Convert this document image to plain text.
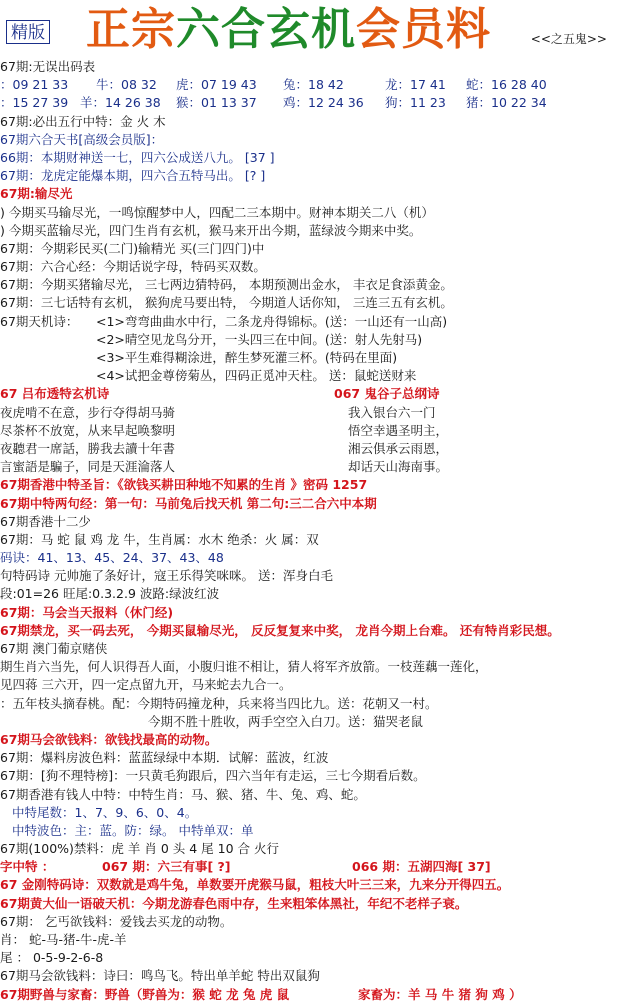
精版 正宗六合玄机会员料	<<之五鬼>>
67期:无误出码表
：09 21 33 牛：08 32 虎：07 19 43 兔：18 42	龙：17 41 蛇：16 28 40
：15 27 39 羊：14 26 38 猴：01 13 37 鸡：12 24 36 狗：11 23 猪：10 22 34
67期:必出五行中特：金 火 木
67期六合天书[高级会员版]：
66期：本期财神送一七，四六公成送八九。 [37 ]
67期：龙虎定能爆本期，四六合五特马出。 [? ]
67期:输尽光
) 今期买马输尽光，一鸣惊醒梦中人，四配二三本期中。财神本期关二八（机）
) 今期买蓝输尽光，四门生肖有玄机，猴马来开出今期，蓝绿波今期来中奖。
67期：今期彩民买(二门)输精光 买(三门四门)中
67期：六合心经：今期话说字母，特码买双数。
67期：今期买猪输尽光， 三七两边猜特码， 本期预测出金水， 丰衣足食添黄金。
67期：三七话特有玄机， 猴狗虎马要出特， 今期道人话你知， 三连三五有玄机。
67期天机诗： <1>弯弯曲曲水中行，二条龙舟得锦标。(送：一山还有一山高)
<2>晴空见龙鸟分开，一头四三在中间。(送：射人先射马)
<3>平生难得糊涂进，醉生梦死灌三杯。(特码在里面)
<4>试把金尊傍菊丛，四码正觅冲天柱。 送：鼠蛇送财来
67 吕布透特玄机诗	067 鬼谷子总纲诗
夜虎啃不在意，步行夺得胡马骑	我入银台六一门
尽茶杯不放宽，从来早起唤黎明	悟空幸遇圣明主，
夜聽君一席話，勝我去讀十年書	湘云俱承云雨恩，
言蜜語是騙子，同是天涯淪落人	却话天山海南事。
67期香港中特圣旨：《欲钱买耕田种地不知累的生肖 》密码 1257
67期中特两句经：第一句：马前兔后找天机 第二句:三二合六中本期
67期香港十二少
67期：马 蛇 鼠 鸡 龙 牛，生肖属：水木 绝杀：火 属：双
码诀：41、13、45、24、37、43、48
句特码诗 元帅施了条好计，寇王乐得笑咪咪。 送：浑身白毛
段:01=26 旺尾:0.3.2.9 波路:绿波红波
67期：马会当天报料（休门经)
67期禁龙，买一码去死， 今期买鼠输尽光， 反反复复来中奖， 龙肖今期上台难。 还有特肖彩民想。
67期 澳门葡京赌侠
期生肖六当先，何人识得吾人面，小腹归谁不相让，猜人将军齐放箭。一枝莲藕一莲化，
见四蒋 三六开，四一定点留九开，马来蛇去九合一。
：五年枝头摘春桃。配：今期特码撞龙种，兵来将当四比九。送：花朝又一村。
今期不胜十胜收，两手空空入白刀。送：猫哭老鼠
67期马会欲钱料：欲钱找最高的动物。
67期：爆料房波色料：蓝蓝绿绿中本期．试解：蓝波，红波
67期：[狗不理特榜]：一只黄毛狗跟后，四六当年有走运，三七今期看后数。
67期香港有钱人中特：中特生肖：马、猴、猪、牛、兔、鸡、蛇。
中特尾数：1、7、9、6、0、4。
中特波色：主：蓝。防：绿。 中特单双：单
67期(100%)禁料：虎 羊 肖 0 头 4 尾 10 合 火行
字中特 ：	067 期：六三有事[ ?]	066 期：五湖四海[ 37]
67 金刚特码诗：双数就是鸡牛兔，单数要开虎猴马鼠，粗枝大叶三三来，九来分开得四五。
67期黄大仙一语破天机：今期龙游春色雨中存，生来粗笨体黑社，年纪不老样子衰。
67期： 乞丐欲钱料：爱钱去买龙的动物。
肖： 蛇-马-猪-牛-虎-羊
尾 ： 0-5-9-2-6-8
67期马会欲钱料：诗曰：鸣鸟飞。特出单羊蛇 特出双鼠狗
67期野兽与家畜：野兽（野兽为：猴 蛇 龙 兔 虎 鼠	家畜为：羊 马 牛 猪 狗 鸡 ）
